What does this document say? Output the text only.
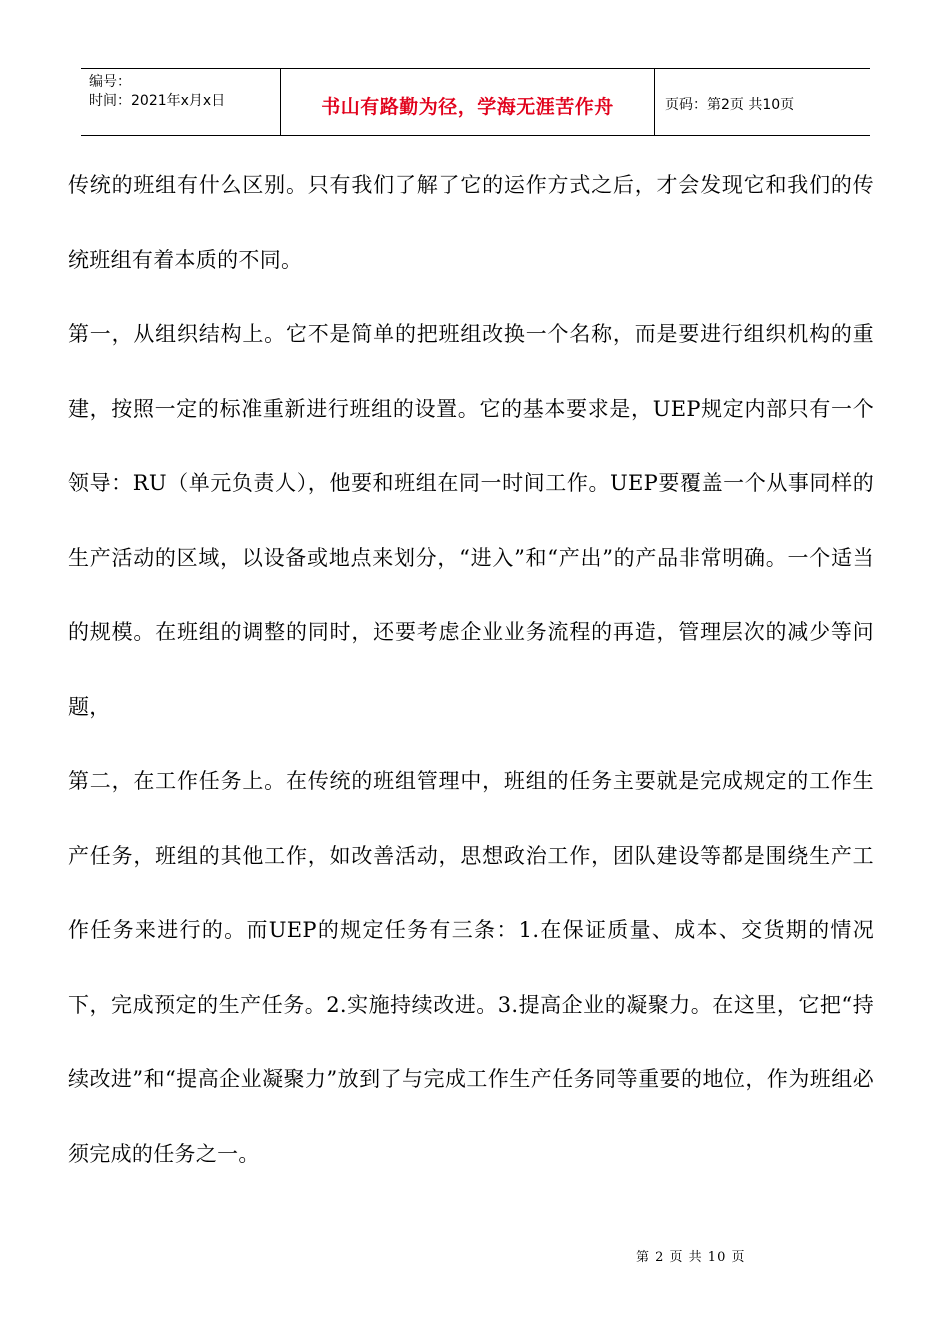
编号：
时间：2021年x月x日	书山有路勤为径，学海无涯苦作舟	页码：第2页 共10页

传统的班组有什么区别。只有我们了解了它的运作方式之后，才会发现它和我们的传统班组有着本质的不同。

第一，从组织结构上。它不是简单的把班组改换一个名称，而是要进行组织机构的重建，按照一定的标准重新进行班组的设置。它的基本要求是，UEP规定内部只有一个领导：RU（单元负责人），他要和班组在同一时间工作。UEP要覆盖一个从事同样的生产活动的区域，以设备或地点来划分，“进入”和“产出”的产品非常明确。一个适当的规模。在班组的调整的同时，还要考虑企业业务流程的再造，管理层次的减少等问题，

第二，在工作任务上。在传统的班组管理中，班组的任务主要就是完成规定的工作生产任务，班组的其他工作，如改善活动，思想政治工作，团队建设等都是围绕生产工作任务来进行的。而UEP的规定任务有三条：1.在保证质量、成本、交货期的情况下，完成预定的生产任务。2.实施持续改进。3.提高企业的凝聚力。在这里，它把“持续改进”和“提高企业凝聚力”放到了与完成工作生产任务同等重要的地位，作为班组必须完成的任务之一。

第 2 页 共 10 页
